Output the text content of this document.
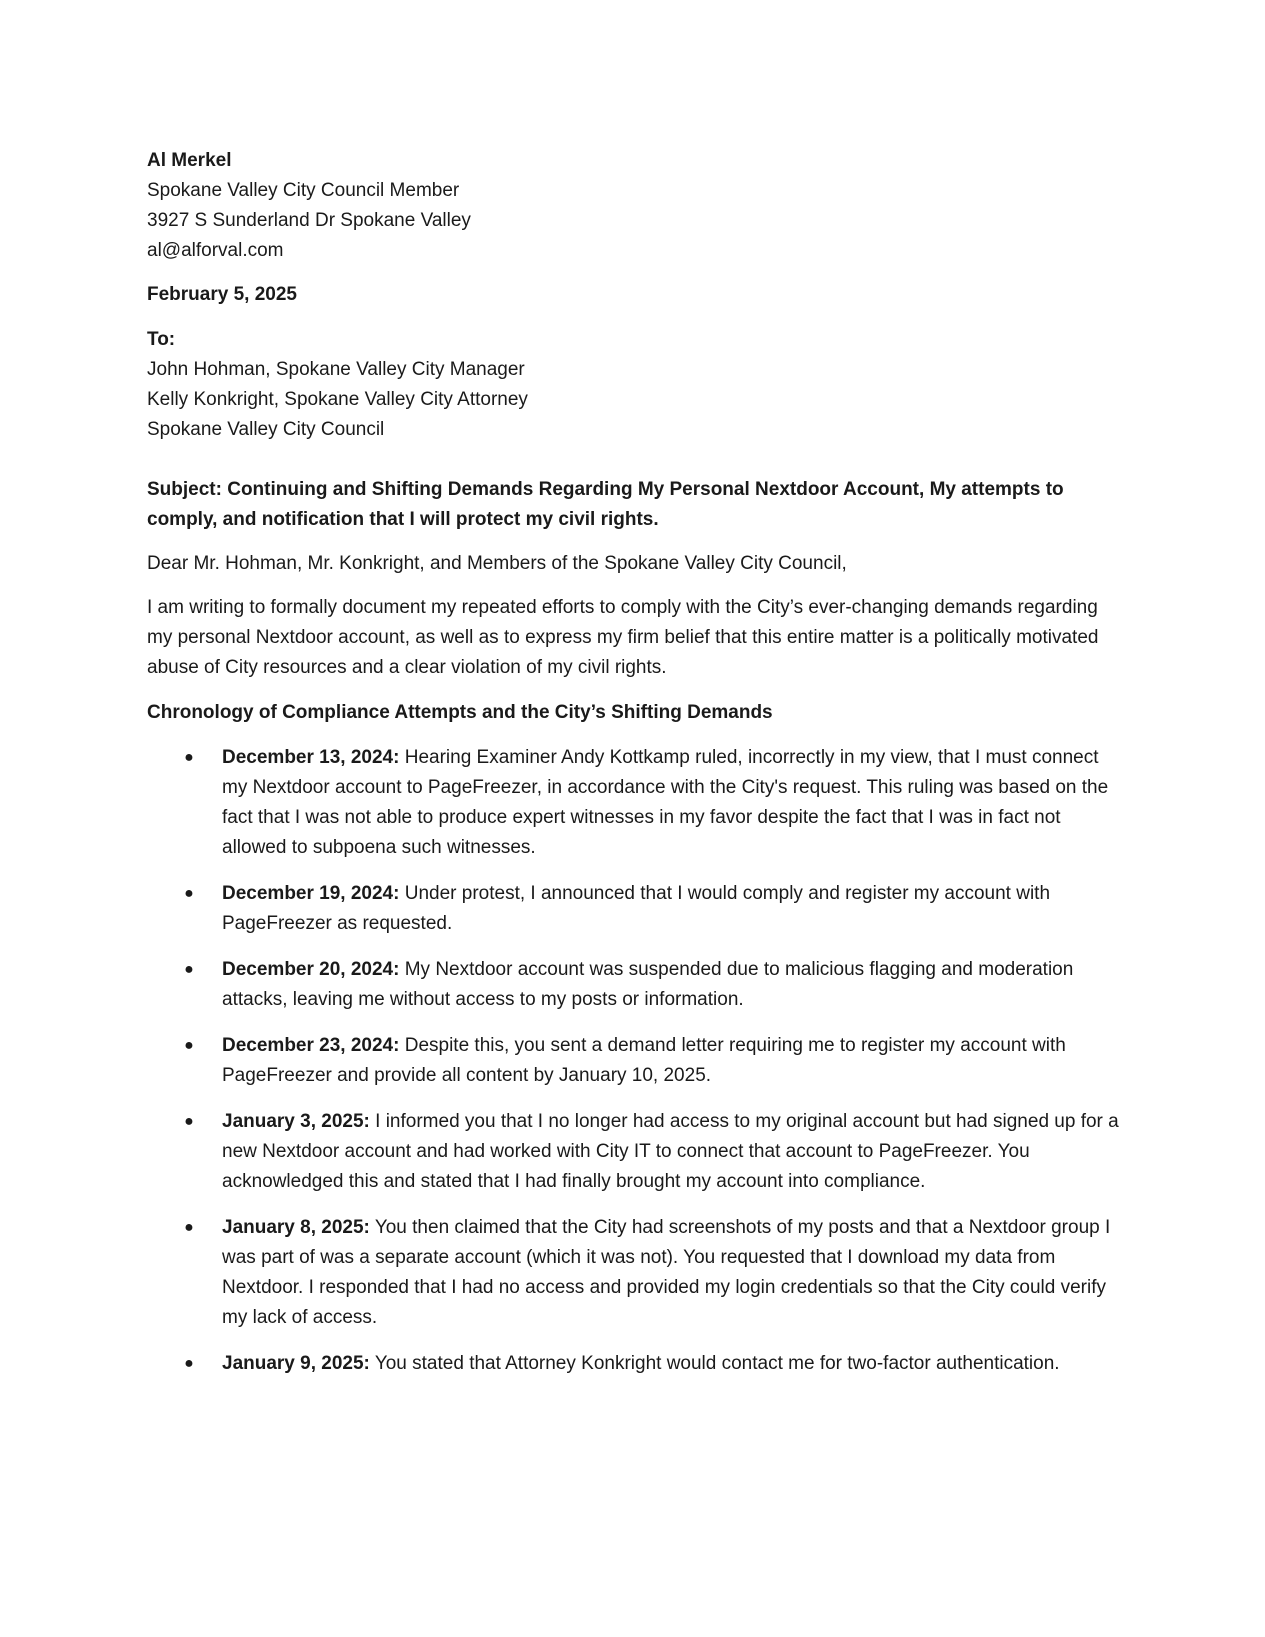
Al Merkel
Spokane Valley City Council Member
3927 S Sunderland Dr Spokane Valley
al@alforval.com
February 5, 2025
To:
John Hohman, Spokane Valley City Manager
Kelly Konkright, Spokane Valley City Attorney
Spokane Valley City Council
Subject: Continuing and Shifting Demands Regarding My Personal Nextdoor Account, My attempts to comply, and notification that I will protect my civil rights.
Dear Mr. Hohman, Mr. Konkright, and Members of the Spokane Valley City Council,
I am writing to formally document my repeated efforts to comply with the City’s ever-changing demands regarding my personal Nextdoor account, as well as to express my firm belief that this entire matter is a politically motivated abuse of City resources and a clear violation of my civil rights.
Chronology of Compliance Attempts and the City’s Shifting Demands
● December 13, 2024: Hearing Examiner Andy Kottkamp ruled, incorrectly in my view, that I must connect my Nextdoor account to PageFreezer, in accordance with the City's request. This ruling was based on the fact that I was not able to produce expert witnesses in my favor despite the fact that I was in fact not allowed to subpoena such witnesses.
● December 19, 2024: Under protest, I announced that I would comply and register my account with PageFreezer as requested.
● December 20, 2024: My Nextdoor account was suspended due to malicious flagging and moderation attacks, leaving me without access to my posts or information.
● December 23, 2024: Despite this, you sent a demand letter requiring me to register my account with PageFreezer and provide all content by January 10, 2025.
● January 3, 2025: I informed you that I no longer had access to my original account but had signed up for a new Nextdoor account and had worked with City IT to connect that account to PageFreezer. You acknowledged this and stated that I had finally brought my account into compliance.
● January 8, 2025: You then claimed that the City had screenshots of my posts and that a Nextdoor group I was part of was a separate account (which it was not). You requested that I download my data from Nextdoor. I responded that I had no access and provided my login credentials so that the City could verify my lack of access.
● January 9, 2025: You stated that Attorney Konkright would contact me for two-factor authentication.
